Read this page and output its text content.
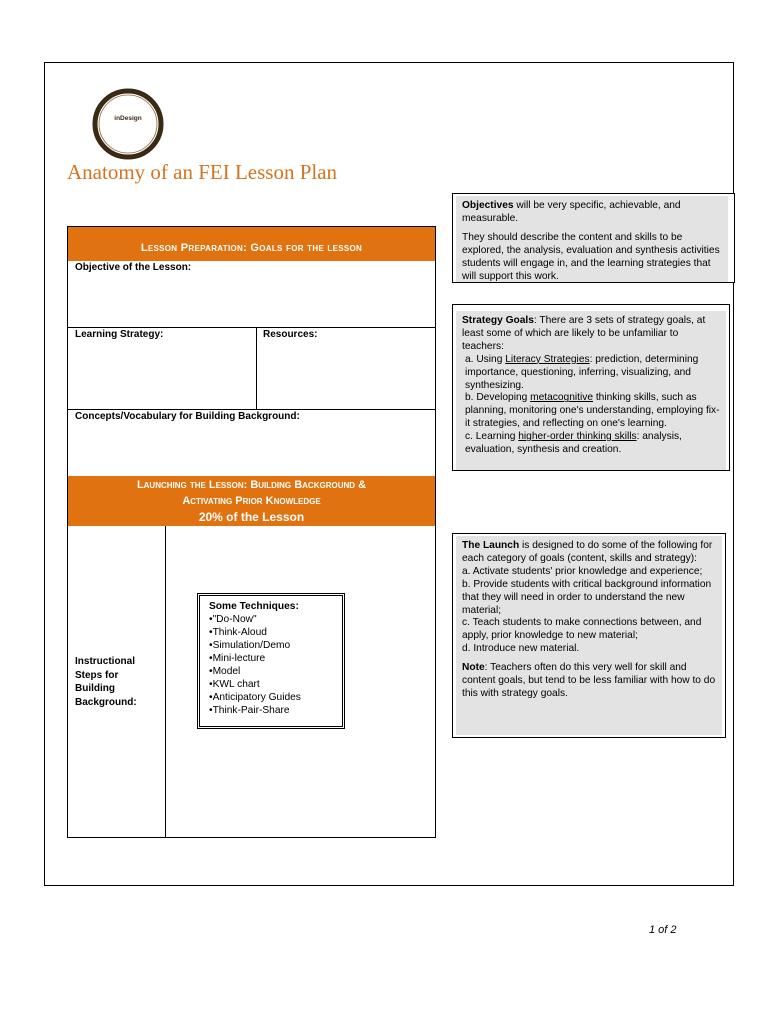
inDesign
Anatomy of an FEI Lesson Plan
Lesson Preparation: Goals for the lesson
Objective of the Lesson:
Learning Strategy:	Resources:
Concepts/Vocabulary for Building Background:
Launching the Lesson: Building Background &
Activating Prior Knowledge
20% of the Lesson
Instructional
Steps for
Building
Background:
Some Techniques:
•"Do-Now"
•Think-Aloud
•Simulation/Demo
•Mini-lecture
•Model
•KWL chart
•Anticipatory Guides
•Think-Pair-Share

Objectives will be very specific, achievable, and measurable.

They should describe the content and skills to be explored, the analysis, evaluation and synthesis activities students will engage in, and the learning strategies that will support this work.

Strategy Goals: There are 3 sets of strategy goals, at least some of which are likely to be unfamiliar to teachers:

a. Using Literacy Strategies: prediction, determining importance, questioning, inferring, visualizing, and synthesizing.

b. Developing metacognitive thinking skills, such as planning, monitoring one's understanding, employing fix-it strategies, and reflecting on one's learning.

c. Learning higher-order thinking skills: analysis, evaluation, synthesis and creation.

The Launch is designed to do some of the following for each category of goals (content, skills and strategy):

a. Activate students' prior knowledge and experience;

b. Provide students with critical background information that they will need in order to understand the new material;

c. Teach students to make connections between, and apply, prior knowledge to new material;

d. Introduce new material.

Note: Teachers often do this very well for skill and content goals, but tend to be less familiar with how to do this with strategy goals.

1 of 2
